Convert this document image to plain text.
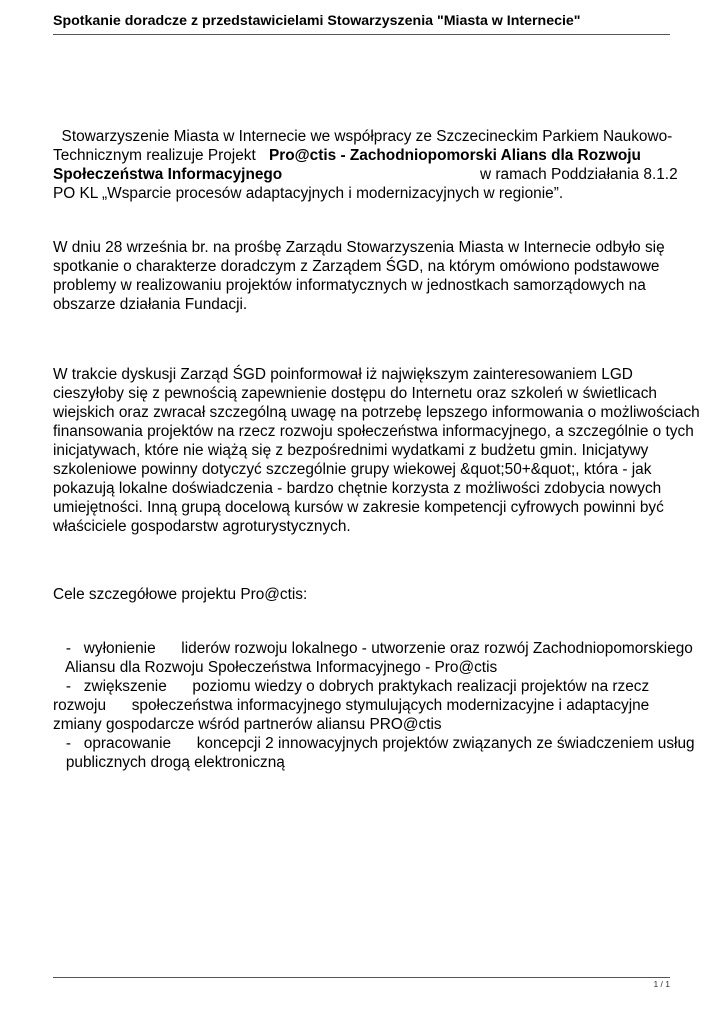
Spotkanie doradcze z przedstawicielami Stowarzyszenia "Miasta w Internecie"
Stowarzyszenie Miasta w Internecie we współpracy ze Szczecineckim Parkiem Naukowo-
Technicznym realizuje Projekt Pro@ctis - Zachodniopomorski Alians dla Rozwoju
Społeczeństwa Informacyjnego	w ramach Poddziałania 8.1.2
PO KL „Wsparcie procesów adaptacyjnych i modernizacyjnych w regionie”.
W dniu 28 września br. na prośbę Zarządu Stowarzyszenia Miasta w Internecie odbyło się
spotkanie o charakterze doradczym z Zarządem ŚGD, na którym omówiono podstawowe
problemy w realizowaniu projektów informatycznych w jednostkach samorządowych na
obszarze działania Fundacji.
W trakcie dyskusji Zarząd ŚGD poinformował iż największym zainteresowaniem LGD
cieszyłoby się z pewnością zapewnienie dostępu do Internetu oraz szkoleń w świetlicach
wiejskich oraz zwracał szczególną uwagę na potrzebę lepszego informowania o możliwościach
finansowania projektów na rzecz rozwoju społeczeństwa informacyjnego, a szczególnie o tych
inicjatywach, które nie wiążą się z bezpośrednimi wydatkami z budżetu gmin. Inicjatywy
szkoleniowe powinny dotyczyć szczególnie grupy wiekowej &quot;50+&quot;, która - jak
pokazują lokalne doświadczenia - bardzo chętnie korzysta z możliwości zdobycia nowych
umiejętności. Inną grupą docelową kursów w zakresie kompetencji cyfrowych powinni być
właściciele gospodarstw agroturystycznych.
Cele szczegółowe projektu Pro@ctis:
-   wyłonienie      liderów rozwoju lokalnego - utworzenie oraz rozwój Zachodniopomorskiego
Aliansu dla Rozwoju Społeczeństwa Informacyjnego - Pro@ctis
-   zwiększenie      poziomu wiedzy o dobrych praktykach realizacji projektów na rzecz
rozwoju      społeczeństwa informacyjnego stymulujących modernizacyjne i adaptacyjne
zmiany gospodarcze wśród partnerów aliansu PRO@ctis
-   opracowanie      koncepcji 2 innowacyjnych projektów związanych ze świadczeniem usług
publicznych drogą elektroniczną
1 / 1
